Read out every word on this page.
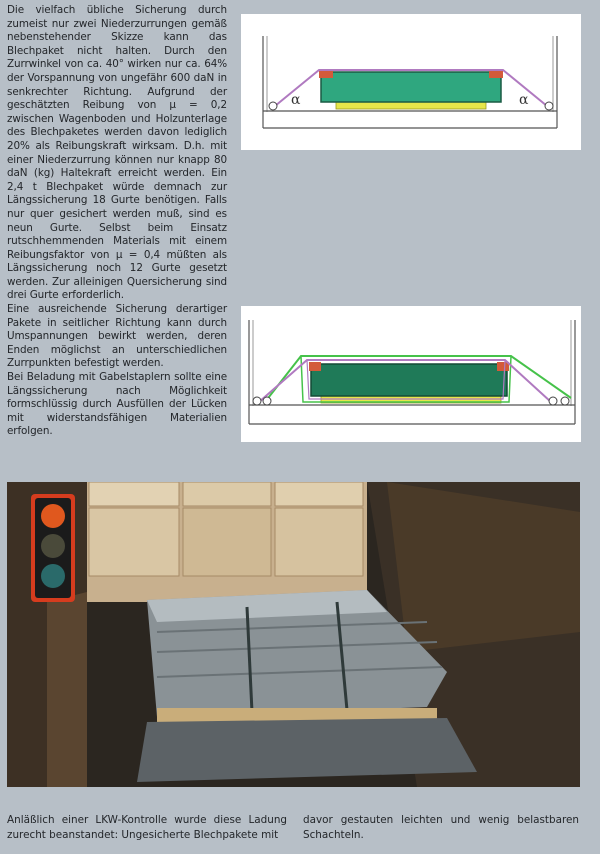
Die vielfach übliche Sicherung durch zumeist nur zwei Niederzurrungen gemäß nebenstehender Skizze kann das Blechpaket nicht halten. Durch den Zurrwinkel von ca. 40° wirken nur ca. 64% der Vorspannung von ungefähr 600 daN in senkrechter Richtung. Aufgrund der geschätzten Reibung von µ = 0,2 zwischen Wagenboden und Holzunterlage des Blechpaketes werden davon lediglich 20% als Reibungskraft wirksam. D.h. mit einer Niederzurrung können nur knapp 80 daN (kg) Haltekraft erreicht werden. Ein 2,4 t Blechpaket würde demnach zur Längssicherung 18 Gurte benötigen. Falls nur quer gesichert werden muß, sind es neun Gurte. Selbst beim Einsatz rutschhemmenden Materials mit einem Reibungsfaktor von µ = 0,4 müßten als Längssicherung noch 12 Gurte gesetzt werden. Zur alleinigen Quersicherung sind drei Gurte erforderlich.

Eine ausreichende Sicherung derartiger Pakete in seitlicher Richtung kann durch Umspannungen bewirkt werden, deren Enden möglichst an unterschiedlichen Zurrpunkten befestigt werden.

Bei Beladung mit Gabelstaplern sollte eine Längssicherung nach Möglichkeit formschlüssig durch Ausfüllen der Lücken mit widerstandsfähigen Materialien erfolgen.

α	α

Anläßlich einer LKW-Kontrolle wurde diese Ladung zurecht beanstandet: Ungesicherte Blechpakete mit

davor gestauten leichten und wenig belastbaren Schachteln.
